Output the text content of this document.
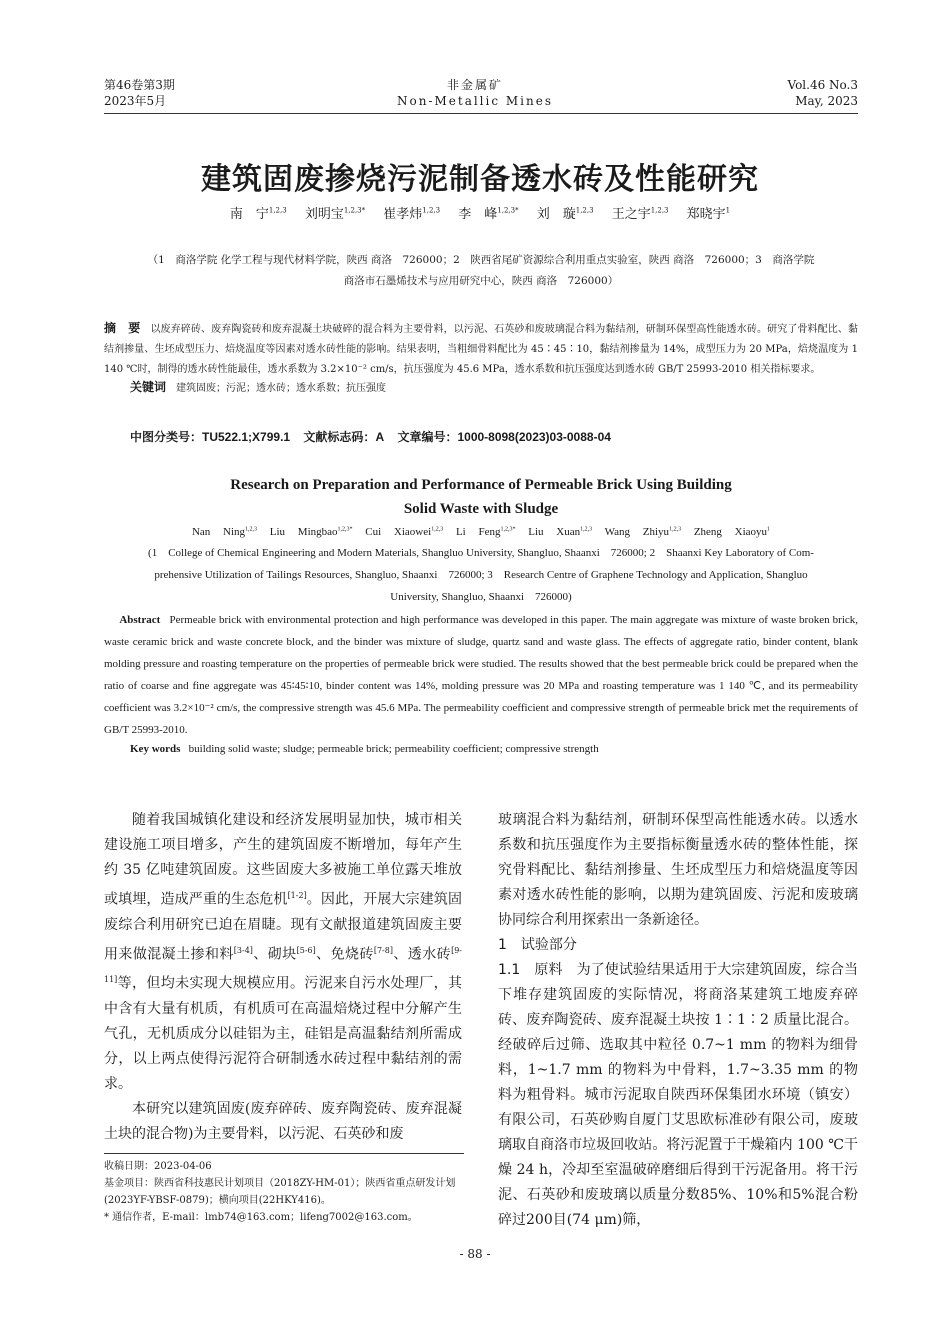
第46卷第3期
2023年5月
非金属矿
Non-Metallic Mines
Vol.46 No.3
May, 2023
建筑固废掺烧污泥制备透水砖及性能研究
南　宁$^{1,2,3}$ 刘明宝$^{1,2,3*}$ 崔孝炜$^{1,2,3}$ 李　峰$^{1,2,3*}$ 刘　璇$^{1,2,3}$ 王之宇$^{1,2,3}$ 郑晓宇$^1$
（1　商洛学院 化学工程与现代材料学院，陕西 商洛　726000；2　陕西省尾矿资源综合利用重点实验室，陕西 商洛　726000；3　商洛学院
商洛市石墨烯技术与应用研究中心，陕西 商洛　726000）
摘　要　 以废弃碎砖、废弃陶瓷砖和废弃混凝土块破碎的混合料为主要骨料，以污泥、石英砂和废玻璃混合料为黏结剂，研制环保型高性能透水砖。研究了骨料配比、黏结剂掺量、生坯成型压力、焙烧温度等因素对透水砖性能的影响。结果表明，当粗细骨料配比为 45∶45∶10，黏结剂掺量为 14%，成型压力为 20 MPa，焙烧温度为 1 140 ℃时，制得的透水砖性能最佳，透水系数为 3.2×10⁻² cm/s，抗压强度为 45.6 MPa，透水系数和抗压强度达到透水砖 GB/T 25993-2010 相关指标要求。
关键词　 建筑固废；污泥；透水砖；透水系数；抗压强度
中图分类号：TU522.1;X799.1 文献标志码：A 文章编号：1000-8098(2023)03-0088-04
Research on Preparation and Performance of Permeable Brick Using Building
Solid Waste with Sludge
Nan Ning$^{1,2,3}$ Liu Mingbao$^{1,2,3*}$ Cui Xiaowei$^{1,2,3}$ Li Feng$^{1,2,3*}$ Liu Xuan$^{1,2,3}$ Wang Zhiyu$^{1,2,3}$ Zheng Xiaoyu$^1$
(1　College of Chemical Engineering and Modern Materials, Shangluo University, Shangluo, Shaanxi　726000; 2　Shaanxi Key Laboratory of Com-
prehensive Utilization of Tailings Resources, Shangluo, Shaanxi　726000; 3　Research Centre of Graphene Technology and Application, Shangluo
University, Shangluo, Shaanxi　726000)
Abstract Permeable brick with environmental protection and high performance was developed in this paper. The main aggregate was mixture of waste broken brick, waste ceramic brick and waste concrete block, and the binder was mixture of sludge, quartz sand and waste glass. The effects of aggregate ratio, binder content, blank molding pressure and roasting temperature on the properties of permeable brick were studied. The results showed that the best permeable brick could be prepared when the ratio of coarse and fine aggregate was 45∶45∶10, binder content was 14%, molding pressure was 20 MPa and roasting temperature was 1 140 ℃, and its permeability coefficient was 3.2×10⁻² cm/s, the compressive strength was 45.6 MPa. The permeability coefficient and compressive strength of permeable brick met the requirements of GB/T 25993-2010.
Key words building solid waste; sludge; permeable brick; permeability coefficient; compressive strength

随着我国城镇化建设和经济发展明显加快，城市相关建设施工项目增多，产生的建筑固废不断增加，每年产生约 35 亿吨建筑固废。这些固废大多被施工单位露天堆放或填埋，造成严重的生态危机[1-2]。因此，开展大宗建筑固废综合利用研究已迫在眉睫。现有文献报道建筑固废主要用来做混凝土掺和料[3-4]、砌块[5-6]、免烧砖[7-8]、透水砖[9-11]等，但均未实现大规模应用。污泥来自污水处理厂，其中含有大量有机质，有机质可在高温焙烧过程中分解产生气孔，无机质成分以硅铝为主，硅铝是高温黏结剂所需成分，以上两点使得污泥符合研制透水砖过程中黏结剂的需求。

本研究以建筑固废(废弃碎砖、废弃陶瓷砖、废弃混凝土块的混合物)为主要骨料，以污泥、石英砂和废

玻璃混合料为黏结剂，研制环保型高性能透水砖。以透水系数和抗压强度作为主要指标衡量透水砖的整体性能，探究骨料配比、黏结剂掺量、生坯成型压力和焙烧温度等因素对透水砖性能的影响，以期为建筑固废、污泥和废玻璃协同综合利用探索出一条新途径。

1　试验部分

1.1　原料　 为了使试验结果适用于大宗建筑固废，综合当下堆存建筑固废的实际情况，将商洛某建筑工地废弃碎砖、废弃陶瓷砖、废弃混凝土块按 1∶1∶2 质量比混合。经破碎后过筛、选取其中粒径 0.7~1 mm 的物料为细骨料，1~1.7 mm 的物料为中骨料，1.7~3.35 mm 的物料为粗骨料。城市污泥取自陕西环保集团水环境（镇安）有限公司，石英砂购自厦门艾思欧标准砂有限公司，废玻璃取自商洛市垃圾回收站。将污泥置于干燥箱内 100 ℃干燥 24 h，冷却至室温破碎磨细后得到干污泥备用。将干污泥、石英砂和废玻璃以质量分数85%、10%和5%混合粉碎过200目(74 μm)筛，

收稿日期：2023-04-06

基金项目：陕西省科技惠民计划项目（2018ZY-HM-01）；陕西省重点研发计划(2023YF-YBSF-0879)；横向项目(22HKY416)。

* 通信作者，E-mail：lmb74@163.com；lifeng7002@163.com。

- 88 -
